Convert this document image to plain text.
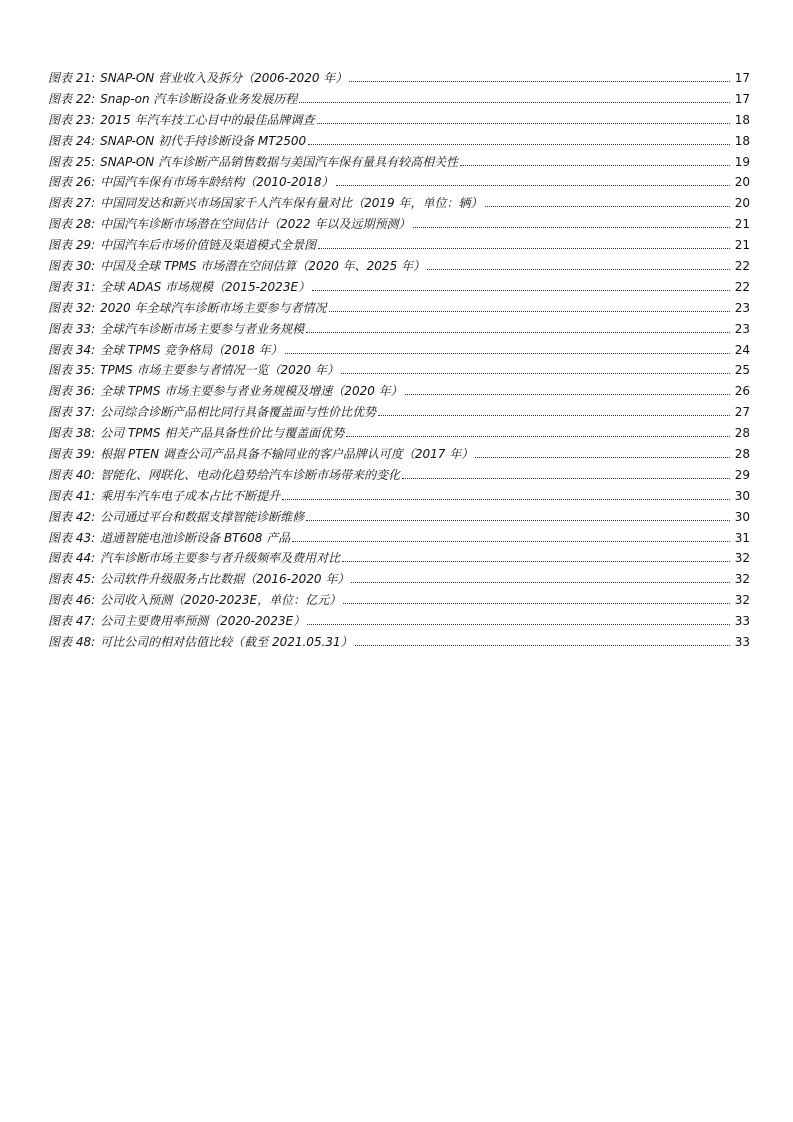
图表 21: SNAP-ON 营业收入及拆分（2006-2020 年）	17
图表 22: Snap-on 汽车诊断设备业务发展历程	17
图表 23: 2015 年汽车技工心目中的最佳品牌调查	18
图表 24: SNAP-ON 初代手持诊断设备 MT2500	18
图表 25: SNAP-ON 汽车诊断产品销售数据与美国汽车保有量具有较高相关性	19
图表 26: 中国汽车保有市场车龄结构（2010-2018）	20
图表 27: 中国同发达和新兴市场国家千人汽车保有量对比（2019 年，单位：辆）	20
图表 28: 中国汽车诊断市场潜在空间估计（2022 年以及远期预测）	21
图表 29: 中国汽车后市场价值链及渠道模式全景图	21
图表 30: 中国及全球 TPMS 市场潜在空间估算（2020 年、2025 年）	22
图表 31: 全球 ADAS 市场规模（2015-2023E）	22
图表 32: 2020 年全球汽车诊断市场主要参与者情况	23
图表 33: 全球汽车诊断市场主要参与者业务规模	23
图表 34: 全球 TPMS 竞争格局（2018 年）	24
图表 35: TPMS 市场主要参与者情况一览（2020 年）	25
图表 36: 全球 TPMS 市场主要参与者业务规模及增速（2020 年）	26
图表 37: 公司综合诊断产品相比同行具备覆盖面与性价比优势	27
图表 38: 公司 TPMS 相关产品具备性价比与覆盖面优势	28
图表 39: 根据 PTEN 调查公司产品具备不输同业的客户品牌认可度（2017 年）	28
图表 40: 智能化、网联化、电动化趋势给汽车诊断市场带来的变化	29
图表 41: 乘用车汽车电子成本占比不断提升	30
图表 42: 公司通过平台和数据支撑智能诊断维修	30
图表 43: 道通智能电池诊断设备 BT608 产品	31
图表 44: 汽车诊断市场主要参与者升级频率及费用对比	32
图表 45: 公司软件升级服务占比数据（2016-2020 年）	32
图表 46: 公司收入预测（2020-2023E，单位：亿元）	32
图表 47: 公司主要费用率预测（2020-2023E）	33
图表 48: 可比公司的相对估值比较（截至 2021.05.31）	33
